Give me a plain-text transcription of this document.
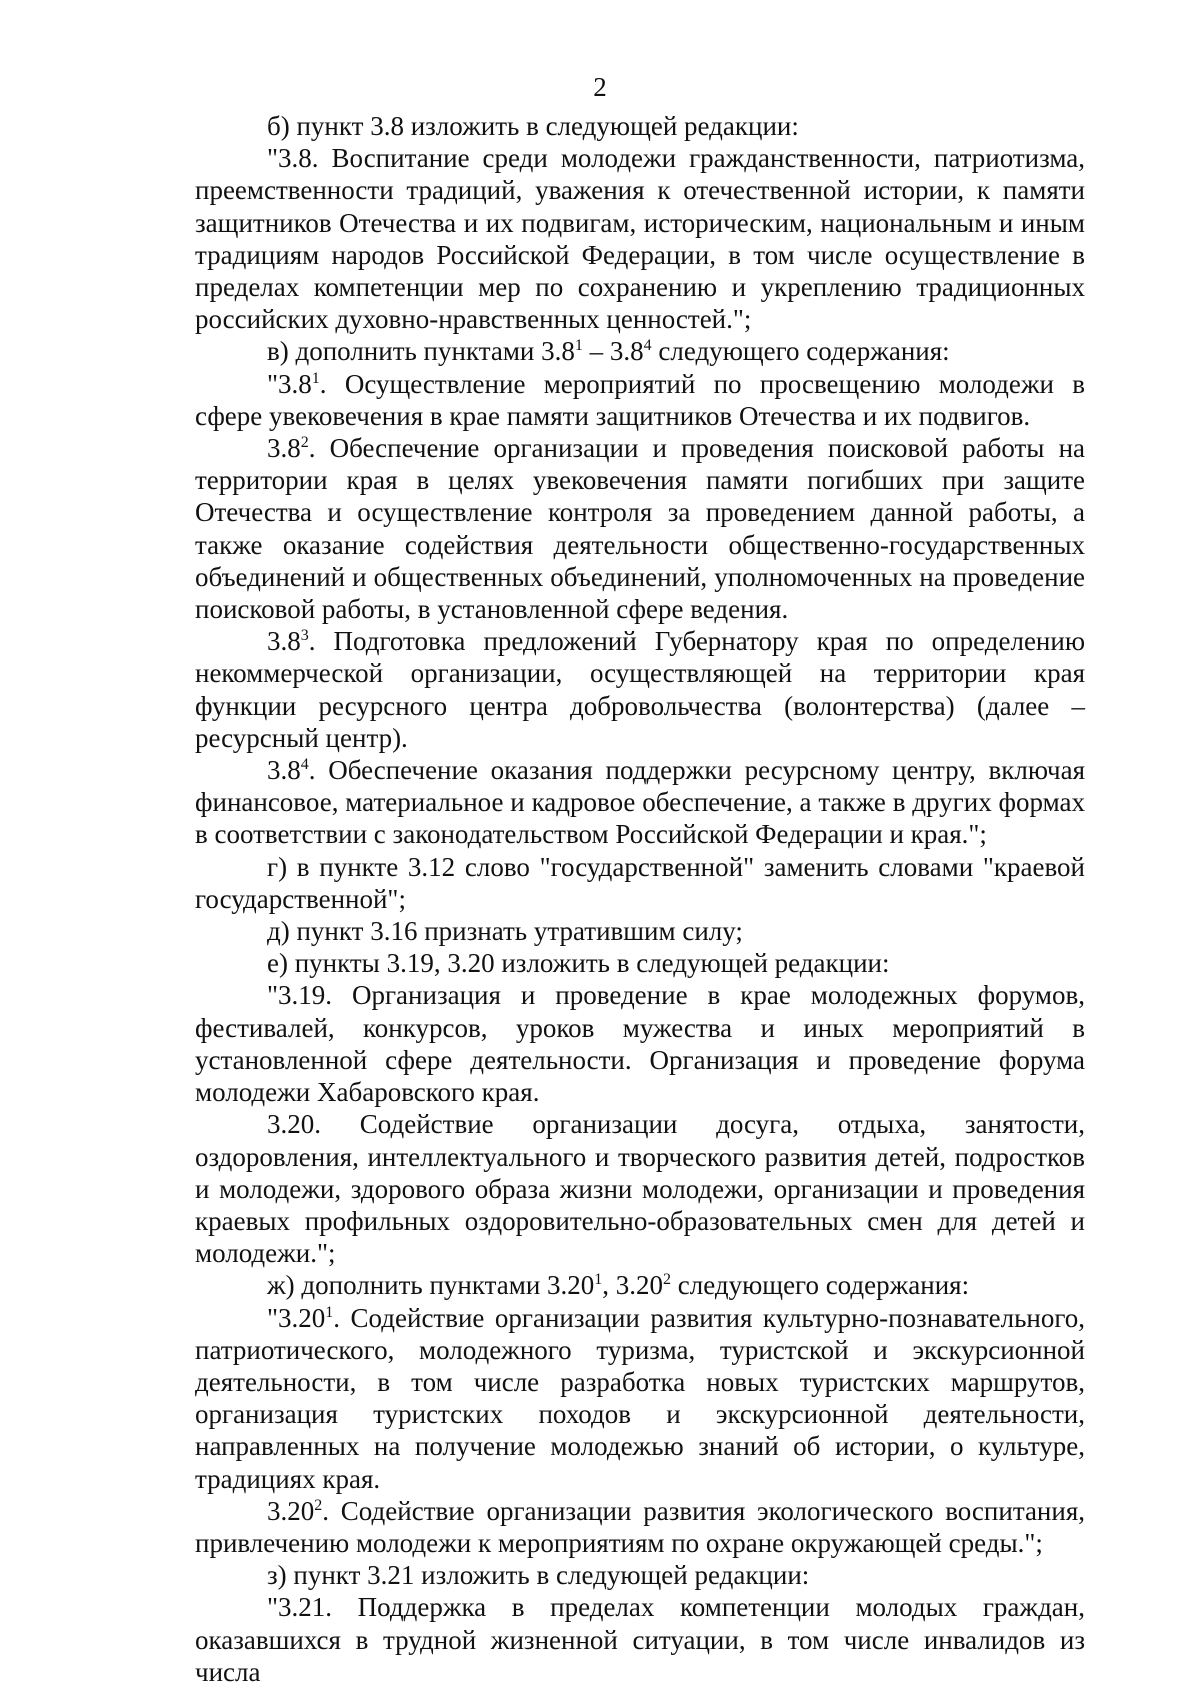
2

б) пункт 3.8 изложить в следующей редакции:

"3.8. Воспитание среди молодежи гражданственности, патриотизма, преемственности традиций, уважения к отечественной истории, к памяти защитников Отечества и их подвигам, историческим, национальным и иным традициям народов Российской Федерации, в том числе осуществление в пределах компетенции мер по сохранению и укреплению традиционных российских духовно-нравственных ценностей.";

в) дополнить пунктами $3.8^1 - 3.8^4$ следующего содержания:

"$3.8^1$. Осуществление мероприятий по просвещению молодежи в сфере увековечения в крае памяти защитников Отечества и их подвигов.

$3.8^2$. Обеспечение организации и проведения поисковой работы на территории края в целях увековечения памяти погибших при защите Отечества и осуществление контроля за проведением данной работы, а также оказание содействия деятельности общественно-государственных объединений и общественных объединений, уполномоченных на проведение поисковой работы, в установленной сфере ведения.

$3.8^3$. Подготовка предложений Губернатору края по определению некоммерческой организации, осуществляющей на территории края функции ресурсного центра добровольчества (волонтерства) (далее – ресурсный центр).

$3.8^4$. Обеспечение оказания поддержки ресурсному центру, включая финансовое, материальное и кадровое обеспечение, а также в других формах в соответствии с законодательством Российской Федерации и края.";

г) в пункте 3.12 слово "государственной" заменить словами "краевой государственной";

д) пункт 3.16 признать утратившим силу;

е) пункты 3.19, 3.20 изложить в следующей редакции:

"3.19. Организация и проведение в крае молодежных форумов, фестивалей, конкурсов, уроков мужества и иных мероприятий в установленной сфере деятельности. Организация и проведение форума молодежи Хабаровского края.

3.20. Содействие организации досуга, отдыха, занятости, оздоровления, интеллектуального и творческого развития детей, подростков и молодежи, здорового образа жизни молодежи, организации и проведения краевых профильных оздоровительно-образовательных смен для детей и молодежи.";

ж) дополнить пунктами 3.20$^1$, 3.20$^2$ следующего содержания:

"3.20$^1$. Содействие организации развития культурно-познавательного, патриотического, молодежного туризма, туристской и экскурсионной деятельности, в том числе разработка новых туристских маршрутов, организация туристских походов и экскурсионной деятельности, направленных на получение молодежью знаний об истории, о культуре, традициях края.

3.20$^2$. Содействие организации развития экологического воспитания, привлечению молодежи к мероприятиям по охране окружающей среды.";

з) пункт 3.21 изложить в следующей редакции:

"3.21. Поддержка в пределах компетенции молодых граждан, оказавшихся в трудной жизненной ситуации, в том числе инвалидов из числа
